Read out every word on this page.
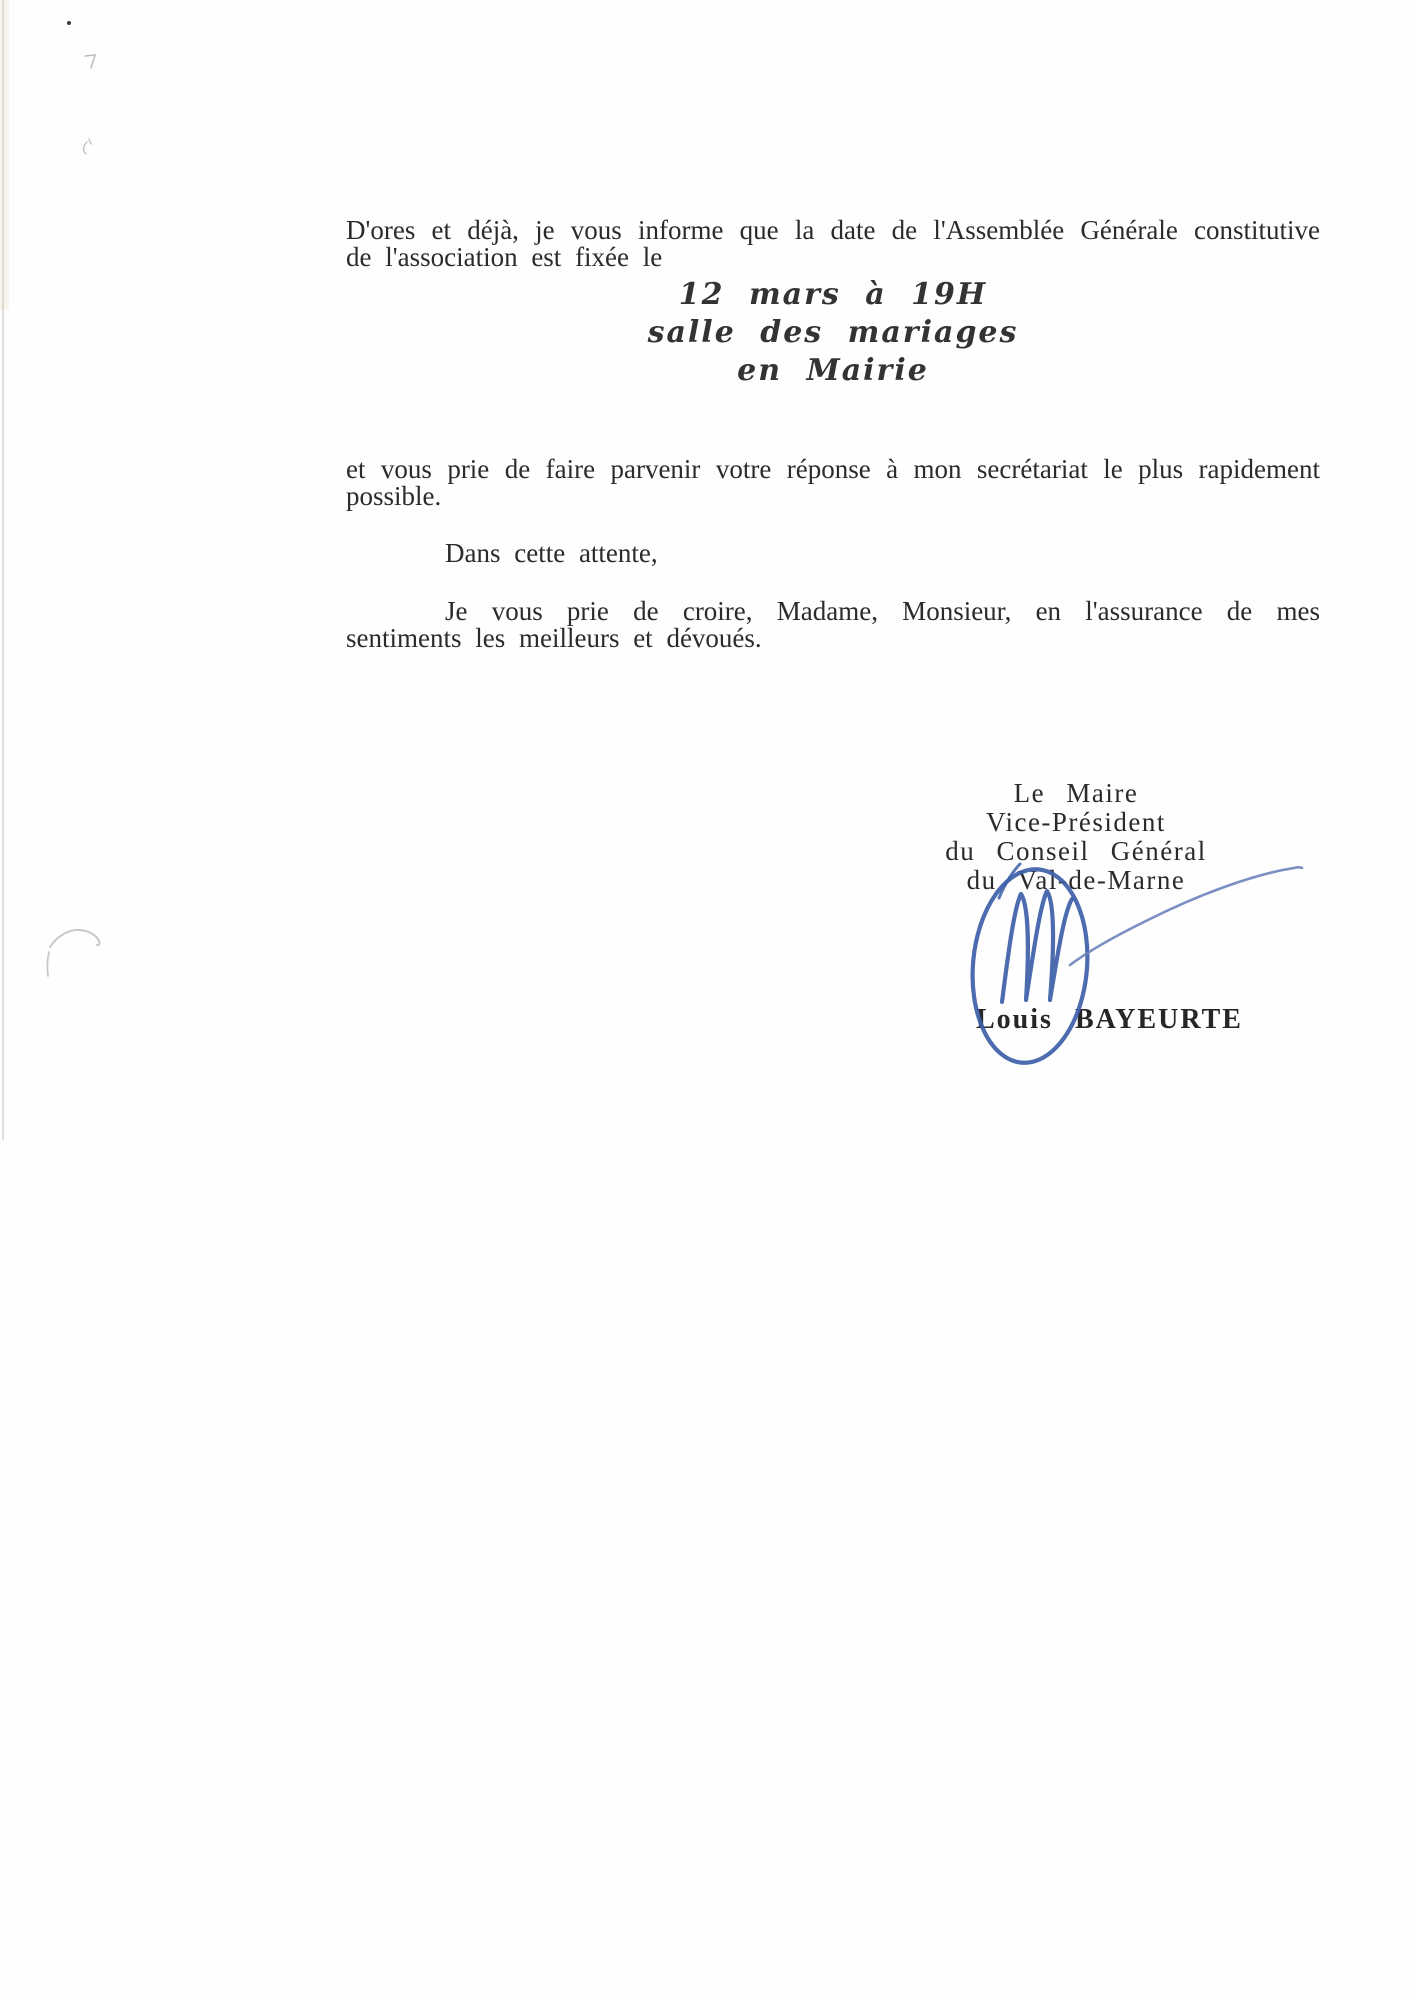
D'ores et déjà, je vous informe que la date de l'Assemblée Générale constitutive de l'association est fixée le

12 mars à 19H
salle des mariages
en Mairie

et vous prie de faire parvenir votre réponse à mon secrétariat le plus rapidement possible.

Dans cette attente,

Je vous prie de croire, Madame, Monsieur, en l'assurance de mes sentiments les meilleurs et dévoués.

Le Maire
Vice-Président
du Conseil Général
du Val-de-Marne
Louis BAYEURTE
